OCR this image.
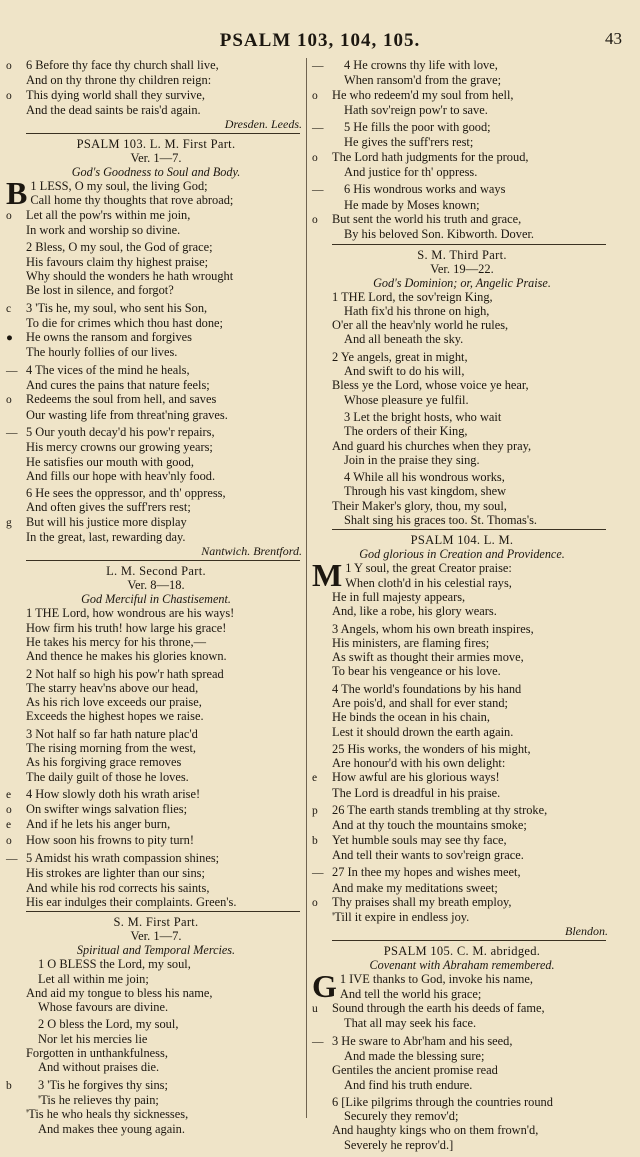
PSALM 103, 104, 105.	43
o	6 Before thy face thy church shall live,
And on thy throne thy children reign:
o	This dying world shall they survive,
And the dead saints be rais'd again.
Dresden. Leeds.
PSALM 103. L. M. First Part.
Ver. 1—7.
God's Goodness to Soul and Body.
B 1 LESS, O my soul, the living God;
Call home thy thoughts that rove abroad;
o	Let all the pow'rs within me join,
In work and worship so divine.
2 Bless, O my soul, the God of grace;
His favours claim thy highest praise;
Why should the wonders he hath wrought
Be lost in silence, and forgot?
c	3 'Tis he, my soul, who sent his Son,
To die for crimes which thou hast done;
●	He owns the ransom and forgives
The hourly follies of our lives.
— 4 The vices of the mind he heals,
And cures the pains that nature feels;
o	Redeems the soul from hell, and saves
Our wasting life from threat'ning graves.
— 5 Our youth decay'd his pow'r repairs,
His mercy crowns our growing years;
He satisfies our mouth with good,
And fills our hope with heav'nly food.
6 He sees the oppressor, and th' oppress,
And often gives the suff'rers rest;
g	But will his justice more display
In the great, last, rewarding day.
Nantwich. Brentford.
L. M. Second Part.
Ver. 8—18.
God Merciful in Chastisement.
1 THE Lord, how wondrous are his ways!
How firm his truth! how large his grace!
He takes his mercy for his throne,—
And thence he makes his glories known.
2 Not half so high his pow'r hath spread
The starry heav'ns above our head,
As his rich love exceeds our praise,
Exceeds the highest hopes we raise.
3 Not half so far hath nature plac'd
The rising morning from the west,
As his forgiving grace removes
The daily guilt of those he loves.
e	4 How slowly doth his wrath arise!
o	On swifter wings salvation flies;
e	And if he lets his anger burn,
o	How soon his frowns to pity turn!
— 5 Amidst his wrath compassion shines;
His strokes are lighter than our sins;
And while his rod corrects his saints,
His ear indulges their complaints. Green's.
S. M. First Part.
Ver. 1—7.
Spiritual and Temporal Mercies.
1 O BLESS the Lord, my soul,
Let all within me join;
And aid my tongue to bless his name,
Whose favours are divine.
2 O bless the Lord, my soul,
Nor let his mercies lie
Forgotten in unthankfulness,
And without praises die.
b	3 'Tis he forgives thy sins;
'Tis he relieves thy pain;
'Tis he who heals thy sicknesses,
And makes thee young again.
—	4 He crowns thy life with love,
When ransom'd from the grave;
o	He who redeem'd my soul from hell,
Hath sov'reign pow'r to save.
—	5 He fills the poor with good;
He gives the suff'rers rest;
o	The Lord hath judgments for the proud,
And justice for th' oppress.
—	6 His wondrous works and ways
He made by Moses known;
o	But sent the world his truth and grace,
By his beloved Son. Kibworth. Dover.
S. M. Third Part.
Ver. 19—22.
God's Dominion; or, Angelic Praise.
1 THE Lord, the sov'reign King,
Hath fix'd his throne on high,
O'er all the heav'nly world he rules,
And all beneath the sky.
2 Ye angels, great in might,
And swift to do his will,
Bless ye the Lord, whose voice ye hear,
Whose pleasure ye fulfil.
3 Let the bright hosts, who wait
The orders of their King,
And guard his churches when they pray,
Join in the praise they sing.
4 While all his wondrous works,
Through his vast kingdom, shew
Their Maker's glory, thou, my soul,
Shalt sing his graces too. St. Thomas's.
PSALM 104. L. M.
God glorious in Creation and Providence.
M 1 Y soul, the great Creator praise:
When cloth'd in his celestial rays,
He in full majesty appears,
And, like a robe, his glory wears.
3 Angels, whom his own breath inspires,
His ministers, are flaming fires;
As swift as thought their armies move,
To bear his vengeance or his love.
4 The world's foundations by his hand
Are pois'd, and shall for ever stand;
He binds the ocean in his chain,
Lest it should drown the earth again.
25 His works, the wonders of his might,
Are honour'd with his own delight:
e	How awful are his glorious ways!
The Lord is dreadful in his praise.
p	26 The earth stands trembling at thy stroke,
And at thy touch the mountains smoke;
b	Yet humble souls may see thy face,
And tell their wants to sov'reign grace.
— 27 In thee my hopes and wishes meet,
And make my meditations sweet;
o	Thy praises shall my breath employ,
'Till it expire in endless joy.
Blendon.
PSALM 105. C. M. abridged.
Covenant with Abraham remembered.
G 1 IVE thanks to God, invoke his name,
And tell the world his grace;
u	Sound through the earth his deeds of fame,
That all may seek his face.
— 3 He sware to Abr'ham and his seed,
And made the blessing sure;
Gentiles the ancient promise read
And find his truth endure.
6 [Like pilgrims through the countries round
Securely they remov'd;
And haughty kings who on them frown'd,
Severely he reprov'd.]
